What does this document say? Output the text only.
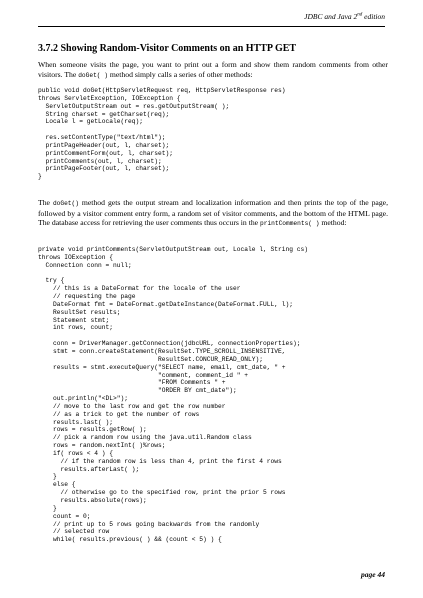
JDBC and Java 2nd edition
3.7.2 Showing Random-Visitor Comments on an HTTP GET
When someone visits the page, you want to print out a form and show them random comments from other visitors. The doGet( ) method simply calls a series of other methods:
public void doGet(HttpServletRequest req, HttpServletResponse res)
throws ServletException, IOException {
ServletOutputStream out = res.getOutputStream( );
String charset = getCharset(req);
Locale l = getLocale(req);

res.setContentType("text/html");
printPageHeader(out, l, charset);
printCommentForm(out, l, charset);
printComments(out, l, charset);
printPageFooter(out, l, charset);
}
The doGet() method gets the output stream and localization information and then prints the top of the page, followed by a visitor comment entry form, a random set of visitor comments, and the bottom of the HTML page. The database access for retrieving the user comments thus occurs in the printComments( ) method:
private void printComments(ServletOutputStream out, Locale l, String cs)
throws IOException {
Connection conn = null;

try {
// this is a DateFormat for the locale of the user
// requesting the page
DateFormat fmt = DateFormat.getDateInstance(DateFormat.FULL, l);
ResultSet results;
Statement stmt;
int rows, count;

conn = DriverManager.getConnection(jdbcURL, connectionProperties);
stmt = conn.createStatement(ResultSet.TYPE_SCROLL_INSENSITIVE,
ResultSet.CONCUR_READ_ONLY);
results = stmt.executeQuery("SELECT name, email, cmt_date, " +
"comment, comment_id " +
"FROM Comments " +
"ORDER BY cmt_date");
out.println("<DL>");
// move to the last row and get the row number
// as a trick to get the number of rows
results.last( );
rows = results.getRow( );
// pick a random row using the java.util.Random class
rows = random.nextInt( )%rows;
if( rows < 4 ) {
// if the random row is less than 4, print the first 4 rows
results.afterLast( );
}
else {
// otherwise go to the specified row, print the prior 5 rows
results.absolute(rows);
}
count = 0;
// print up to 5 rows going backwards from the randomly
// selected row
while( results.previous( ) && (count < 5) ) {
page 44
